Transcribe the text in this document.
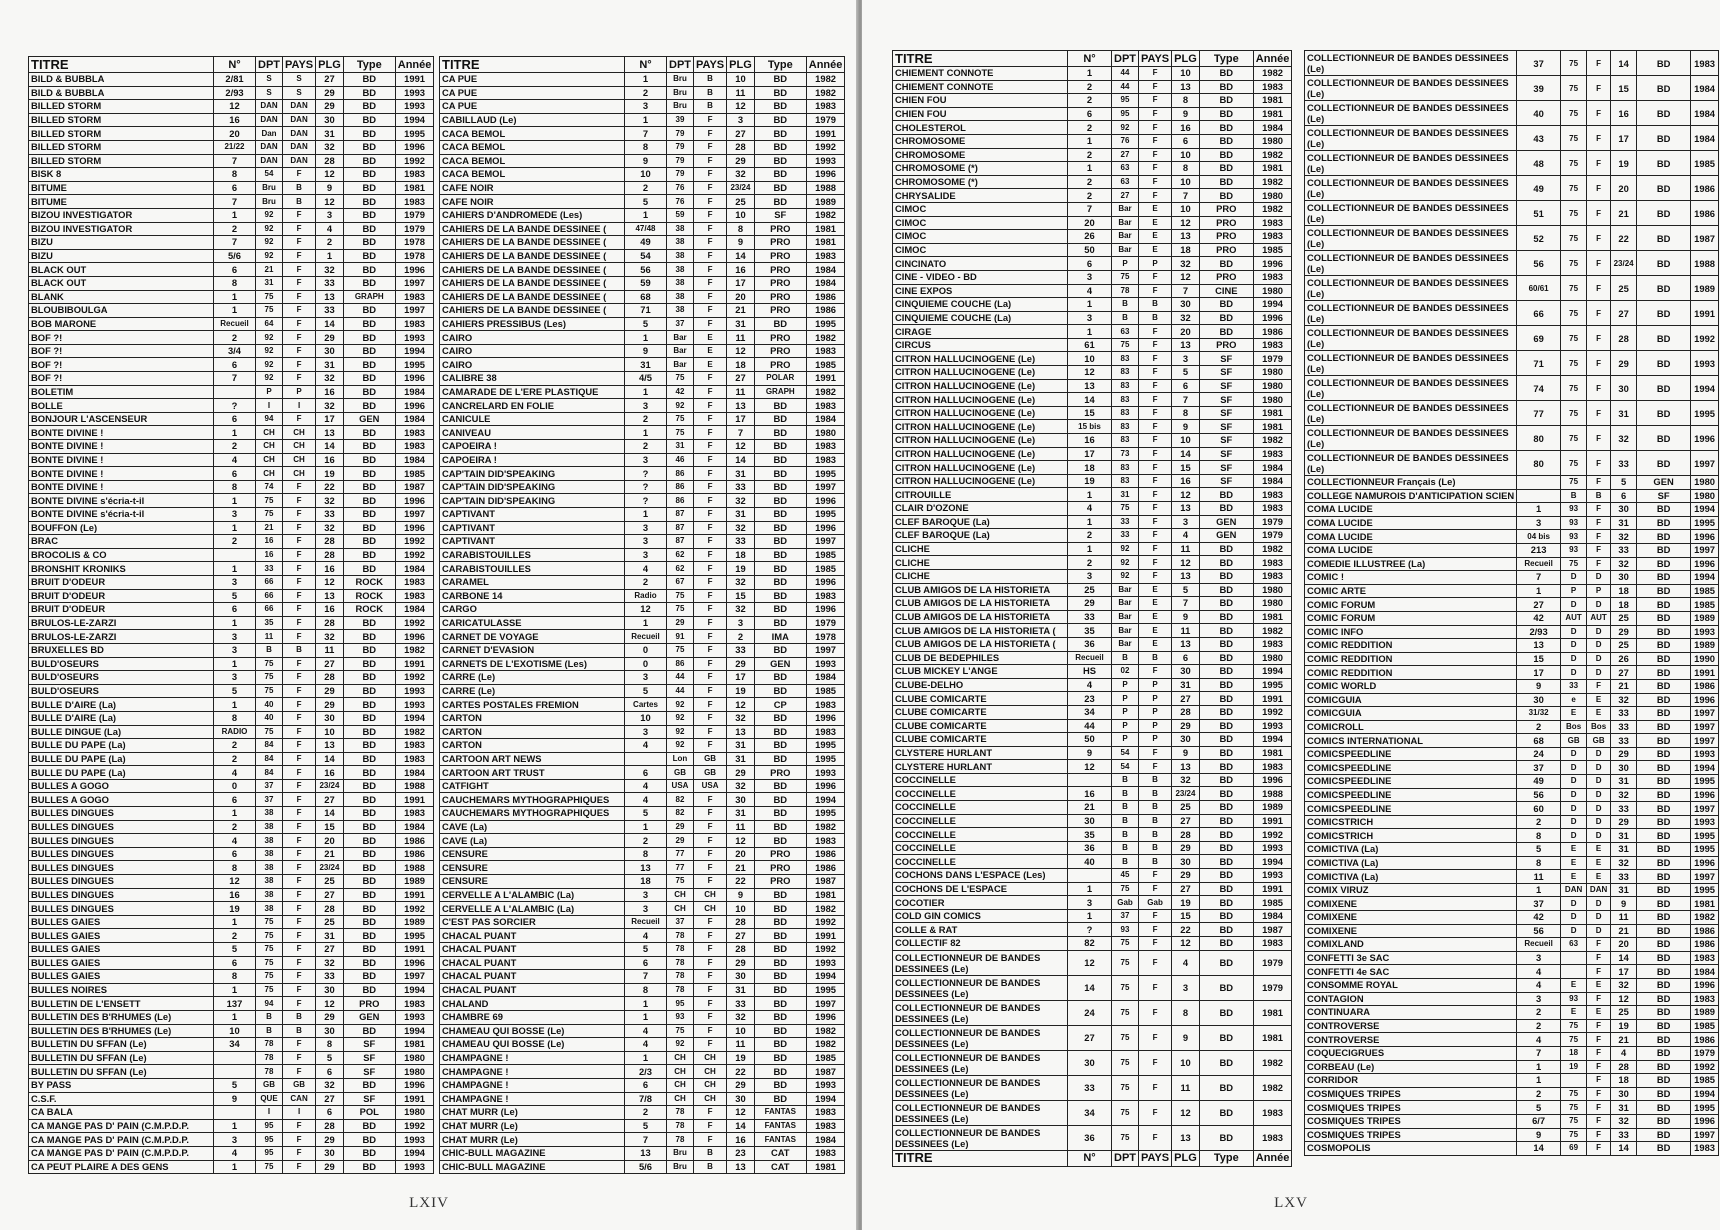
TITRE	N°	DPT	PAYS	PLG	Type	Année
BILD & BUBBLA	2/81	S	S	27	BD	1991
BILD & BUBBLA	2/93	S	S	29	BD	1993
BILLED STORM	12	DAN	DAN	29	BD	1993
BILLED STORM	16	DAN	DAN	30	BD	1994
BILLED STORM	20	Dan	DAN	31	BD	1995
BILLED STORM	21/22	DAN	DAN	32	BD	1996
BILLED STORM	7	DAN	DAN	28	BD	1992
BISK 8	8	54	F	12	BD	1983
BITUME	6	Bru	B	9	BD	1981
BITUME	7	Bru	B	12	BD	1983
BIZOU INVESTIGATOR	1	92	F	3	BD	1979
BIZOU INVESTIGATOR	2	92	F	4	BD	1979
BIZU	7	92	F	2	BD	1978
BIZU	5/6	92	F	1	BD	1978
BLACK OUT	6	21	F	32	BD	1996
BLACK OUT	8	31	F	33	BD	1997
BLANK	1	75	F	13	GRAPH	1983
BLOUBIBOULGA	1	75	F	33	BD	1997
BOB MARONE	Recueil	64	F	14	BD	1983
BOF ?!	2	92	F	29	BD	1993
BOF ?!	3/4	92	F	30	BD	1994
BOF ?!	6	92	F	31	BD	1995
BOF ?!	7	92	F	32	BD	1996
BOLETIM		P	P	16	BD	1984
BOLLE	?	I	I	32	BD	1996
BONJOUR L'ASCENSEUR	6	94	F	17	GEN	1984
BONTE DIVINE !	1	CH	CH	13	BD	1983
BONTE DIVINE !	2	CH	CH	14	BD	1983
BONTE DIVINE !	4	CH	CH	16	BD	1984
BONTE DIVINE !	6	CH	CH	19	BD	1985
BONTE DIVINE !	8	74	F	22	BD	1987
BONTE DIVINE s'écria-t-il	1	75	F	32	BD	1996
BONTE DIVINE s'écria-t-il	3	75	F	33	BD	1997
BOUFFON (Le)	1	21	F	32	BD	1996
BRAC	2	16	F	28	BD	1992
BROCOLIS & CO		16	F	28	BD	1992
BRONSHIT KRONIKS	1	33	F	16	BD	1984
BRUIT D'ODEUR	3	66	F	12	ROCK	1983
BRUIT D'ODEUR	5	66	F	13	ROCK	1983
BRUIT D'ODEUR	6	66	F	16	ROCK	1984
BRULOS-LE-ZARZI	1	35	F	28	BD	1992
BRULOS-LE-ZARZI	3	11	F	32	BD	1996
BRUXELLES BD	3	B	B	11	BD	1982
BULD'OSEURS	1	75	F	27	BD	1991
BULD'OSEURS	3	75	F	28	BD	1992
BULD'OSEURS	5	75	F	29	BD	1993
BULLE D'AIRE (La)	1	40	F	29	BD	1993
BULLE D'AIRE (La)	8	40	F	30	BD	1994
BULLE DINGUE (La)	RADIO	75	F	10	BD	1982
BULLE DU PAPE (La)	2	84	F	13	BD	1983
BULLE DU PAPE (La)	2	84	F	14	BD	1983
BULLE DU PAPE (La)	4	84	F	16	BD	1984
BULLES A GOGO	0	37	F	23/24	BD	1988
BULLES A GOGO	6	37	F	27	BD	1991
BULLES DINGUES	1	38	F	14	BD	1983
BULLES DINGUES	2	38	F	15	BD	1984
BULLES DINGUES	4	38	F	20	BD	1986
BULLES DINGUES	6	38	F	21	BD	1986
BULLES DINGUES	8	38	F	23/24	BD	1988
BULLES DINGUES	12	38	F	25	BD	1989
BULLES DINGUES	16	38	F	27	BD	1991
BULLES DINGUES	19	38	F	28	BD	1992
BULLES GAIES	1	75	F	25	BD	1989
BULLES GAIES	2	75	F	31	BD	1995
BULLES GAIES	5	75	F	27	BD	1991
BULLES GAIES	6	75	F	32	BD	1996
BULLES GAIES	8	75	F	33	BD	1997
BULLES NOIRES	1	75	F	30	BD	1994
BULLETIN DE L'ENSETT	137	94	F	12	PRO	1983
BULLETIN DES B'RHUMES (Le)	1	B	B	29	GEN	1993
BULLETIN DES B'RHUMES (Le)	10	B	B	30	BD	1994
BULLETIN DU SFFAN (Le)	34	78	F	8	SF	1981
BULLETIN DU SFFAN (Le)		78	F	5	SF	1980
BULLETIN DU SFFAN (Le)		78	F	6	SF	1980
BY PASS	5	GB	GB	32	BD	1996
C.S.F.	9	QUE	CAN	27	SF	1991
CA BALA		I	I	6	POL	1980
CA MANGE PAS D' PAIN (C.M.P.D.P.	1	95	F	28	BD	1992
CA MANGE PAS D' PAIN (C.M.P.D.P.	3	95	F	29	BD	1993
CA MANGE PAS D' PAIN (C.M.P.D.P.	4	95	F	30	BD	1994
CA PEUT PLAIRE A DES GENS	1	75	F	29	BD	1993
TITRE	N°	DPT	PAYS	PLG	Type	Année
CA PUE	1	Bru	B	10	BD	1982
CA PUE	2	Bru	B	11	BD	1982
CA PUE	3	Bru	B	12	BD	1983
CABILLAUD (Le)	1	39	F	3	BD	1979
CACA BEMOL	7	79	F	27	BD	1991
CACA BEMOL	8	79	F	28	BD	1992
CACA BEMOL	9	79	F	29	BD	1993
CACA BEMOL	10	79	F	32	BD	1996
CAFE NOIR	2	76	F	23/24	BD	1988
CAFE NOIR	5	76	F	25	BD	1989
CAHIERS D'ANDROMEDE (Les)	1	59	F	10	SF	1982
CAHIERS DE LA BANDE DESSINEE (	47/48	38	F	8	PRO	1981
CAHIERS DE LA BANDE DESSINEE (	49	38	F	9	PRO	1981
CAHIERS DE LA BANDE DESSINEE (	54	38	F	14	PRO	1983
CAHIERS DE LA BANDE DESSINEE (	56	38	F	16	PRO	1984
CAHIERS DE LA BANDE DESSINEE (	59	38	F	17	PRO	1984
CAHIERS DE LA BANDE DESSINEE (	68	38	F	20	PRO	1986
CAHIERS DE LA BANDE DESSINEE (	71	38	F	21	PRO	1986
CAHIERS PRESSIBUS (Les)	5	37	F	31	BD	1995
CAIRO	1	Bar	E	11	PRO	1982
CAIRO	9	Bar	E	12	PRO	1983
CAIRO	31	Bar	E	18	PRO	1985
CALIBRE 38	4/5	75	F	27	POLAR	1991
CAMARADE DE L'ERE PLASTIQUE	1	42	F	11	GRAPH	1982
CANCRELARD EN FOLIE	3	92	F	13	BD	1983
CANICULE	2	75	F	17	BD	1984
CANIVEAU	1	75	F	7	BD	1980
CAPOEIRA !	2	31	F	12	BD	1983
CAPOEIRA !	3	46	F	14	BD	1983
CAP'TAIN DID'SPEAKING	?	86	F	31	BD	1995
CAP'TAIN DID'SPEAKING	?	86	F	33	BD	1997
CAP'TAIN DID'SPEAKING	?	86	F	32	BD	1996
CAPTIVANT	1	87	F	31	BD	1995
CAPTIVANT	3	87	F	32	BD	1996
CAPTIVANT	3	87	F	33	BD	1997
CARABISTOUILLES	3	62	F	18	BD	1985
CARABISTOUILLES	4	62	F	19	BD	1985
CARAMEL	2	67	F	32	BD	1996
CARBONE 14	Radio	75	F	15	BD	1983
CARGO	12	75	F	32	BD	1996
CARICATULASSE	1	29	F	3	BD	1979
CARNET DE VOYAGE	Recueil	91	F	2	IMA	1978
CARNET D'EVASION	0	75	F	33	BD	1997
CARNETS DE L'EXOTISME (Les)	0	86	F	29	GEN	1993
CARRE (Le)	3	44	F	17	BD	1984
CARRE (Le)	5	44	F	19	BD	1985
CARTES POSTALES FREMION	Cartes	92	F	12	CP	1983
CARTON	10	92	F	32	BD	1996
CARTON	3	92	F	13	BD	1983
CARTON	4	92	F	31	BD	1995
CARTOON ART NEWS		Lon	GB	31	BD	1995
CARTOON ART TRUST	6	GB	GB	29	PRO	1993
CATFIGHT	4	USA	USA	32	BD	1996
CAUCHEMARS MYTHOGRAPHIQUES	4	82	F	30	BD	1994
CAUCHEMARS MYTHOGRAPHIQUES	5	82	F	31	BD	1995
CAVE (La)	1	29	F	11	BD	1982
CAVE (La)	2	29	F	12	BD	1983
CENSURE	8	77	F	20	PRO	1986
CENSURE	13	77	F	21	PRO	1986
CENSURE	18	75	F	22	PRO	1987
CERVELLE A L'ALAMBIC (La)	3	CH	CH	9	BD	1981
CERVELLE A L'ALAMBIC (La)	3	CH	CH	10	BD	1982
C'EST PAS SORCIER	Recueil	37	F	28	BD	1992
CHACAL PUANT	4	78	F	27	BD	1991
CHACAL PUANT	5	78	F	28	BD	1992
CHACAL PUANT	6	78	F	29	BD	1993
CHACAL PUANT	7	78	F	30	BD	1994
CHACAL PUANT	8	78	F	31	BD	1995
CHALAND	1	95	F	33	BD	1997
CHAMBRE 69	1	93	F	32	BD	1996
CHAMEAU QUI BOSSE (Le)	4	75	F	10	BD	1982
CHAMEAU QUI BOSSE (Le)	4	92	F	11	BD	1982
CHAMPAGNE !	1	CH	CH	19	BD	1985
CHAMPAGNE !	2/3	CH	CH	22	BD	1987
CHAMPAGNE !	6	CH	CH	29	BD	1993
CHAMPAGNE !	7/8	CH	CH	30	BD	1994
CHAT MURR (Le)	2	78	F	12	FANTAS	1983
CHAT MURR (Le)	5	78	F	14	FANTAS	1983
CHAT MURR (Le)	7	78	F	16	FANTAS	1984
CHIC-BULL MAGAZINE	13	Bru	B	23	CAT	1983
CHIC-BULL MAGAZINE	5/6	Bru	B	13	CAT	1981
LXIV
TITRE	N°	DPT	PAYS	PLG	Type	Année
CHIEMENT CONNOTE	1	44	F	10	BD	1982
CHIEMENT CONNOTE	2	44	F	13	BD	1983
CHIEN FOU	2	95	F	8	BD	1981
CHIEN FOU	6	95	F	9	BD	1981
CHOLESTEROL	2	92	F	16	BD	1984
CHROMOSOME	1	76	F	6	BD	1980
CHROMOSOME	2	27	F	10	BD	1982
CHROMOSOME (*)	1	63	F	8	BD	1981
CHROMOSOME (*)	2	63	F	10	BD	1982
CHRYSALIDE	2	27	F	7	BD	1980
CIMOC	7	Bar	E	10	PRO	1982
CIMOC	20	Bar	E	12	PRO	1983
CIMOC	26	Bar	E	13	PRO	1983
CIMOC	50	Bar	E	18	PRO	1985
CINCINATO	6	P	P	32	BD	1996
CINE - VIDEO - BD	3	75	F	12	PRO	1983
CINE EXPOS	4	78	F	7	CINE	1980
CINQUIEME COUCHE (La)	1	B	B	30	BD	1994
CINQUIEME COUCHE (La)	3	B	B	32	BD	1996
CIRAGE	1	63	F	20	BD	1986
CIRCUS	61	75	F	13	PRO	1983
CITRON HALLUCINOGENE (Le)	10	83	F	3	SF	1979
CITRON HALLUCINOGENE (Le)	12	83	F	5	SF	1980
CITRON HALLUCINOGENE (Le)	13	83	F	6	SF	1980
CITRON HALLUCINOGENE (Le)	14	83	F	7	SF	1980
CITRON HALLUCINOGENE (Le)	15	83	F	8	SF	1981
CITRON HALLUCINOGENE (Le)	15 bis	83	F	9	SF	1981
CITRON HALLUCINOGENE (Le)	16	83	F	10	SF	1982
CITRON HALLUCINOGENE (Le)	17	73	F	14	SF	1983
CITRON HALLUCINOGENE (Le)	18	83	F	15	SF	1984
CITRON HALLUCINOGENE (Le)	19	83	F	16	SF	1984
CITROUILLE	1	31	F	12	BD	1983
CLAIR D'OZONE	4	75	F	13	BD	1983
CLEF BAROQUE (La)	1	33	F	3	GEN	1979
CLEF BAROQUE (La)	2	33	F	4	GEN	1979
CLICHE	1	92	F	11	BD	1982
CLICHE	2	92	F	12	BD	1983
CLICHE	3	92	F	13	BD	1983
CLUB AMIGOS DE LA HISTORIETA	25	Bar	E	5	BD	1980
CLUB AMIGOS DE LA HISTORIETA	29	Bar	E	7	BD	1980
CLUB AMIGOS DE LA HISTORIETA	33	Bar	E	9	BD	1981
CLUB AMIGOS DE LA HISTORIETA (	35	Bar	E	11	BD	1982
CLUB AMIGOS DE LA HISTORIETA (	36	Bar	E	13	BD	1983
CLUB DE BEDEPHILES	Recueil	B	B	6	BD	1980
CLUB MICKEY L'ANGE	HS	02	F	30	BD	1994
CLUBE-DELHO	4	P	P	31	BD	1995
CLUBE COMICARTE	23	P	P	27	BD	1991
CLUBE COMICARTE	34	P	P	28	BD	1992
CLUBE COMICARTE	44	P	P	29	BD	1993
CLUBE COMICARTE	50	P	P	30	BD	1994
CLYSTERE HURLANT	9	54	F	9	BD	1981
CLYSTERE HURLANT	12	54	F	13	BD	1983
COCCINELLE		B	B	32	BD	1996
COCCINELLE	16	B	B	23/24	BD	1988
COCCINELLE	21	B	B	25	BD	1989
COCCINELLE	30	B	B	27	BD	1991
COCCINELLE	35	B	B	28	BD	1992
COCCINELLE	36	B	B	29	BD	1993
COCCINELLE	40	B	B	30	BD	1994
COCHONS DANS L'ESPACE (Les)		45	F	29	BD	1993
COCHONS DE L'ESPACE	1	75	F	27	BD	1991
COCOTIER	3	Gab	Gab	19	BD	1985
COLD GIN COMICS	1	37	F	15	BD	1984
COLLE & RAT	?	93	F	22	BD	1987
COLLECTIF 82	82	75	F	12	BD	1983
COLLECTIONNEUR DE BANDES DESSINEES (Le)	12	75	F	4	BD	1979
COLLECTIONNEUR DE BANDES DESSINEES (Le)	14	75	F	3	BD	1979
COLLECTIONNEUR DE BANDES DESSINEES (Le)	24	75	F	8	BD	1981
COLLECTIONNEUR DE BANDES DESSINEES (Le)	27	75	F	9	BD	1981
COLLECTIONNEUR DE BANDES DESSINEES (Le)	30	75	F	10	BD	1982
COLLECTIONNEUR DE BANDES DESSINEES (Le)	33	75	F	11	BD	1982
COLLECTIONNEUR DE BANDES DESSINEES (Le)	34	75	F	12	BD	1983
COLLECTIONNEUR DE BANDES DESSINEES (Le)	36	75	F	13	BD	1983
TITRE	N°	DPT	PAYS	PLG	Type	Année
COLLECTIONNEUR DE BANDES DESSINEES (Le)	37	75	F	14	BD	1983
COLLECTIONNEUR DE BANDES DESSINEES (Le)	39	75	F	15	BD	1984
COLLECTIONNEUR DE BANDES DESSINEES (Le)	40	75	F	16	BD	1984
COLLECTIONNEUR DE BANDES DESSINEES (Le)	43	75	F	17	BD	1984
COLLECTIONNEUR DE BANDES DESSINEES (Le)	48	75	F	19	BD	1985
COLLECTIONNEUR DE BANDES DESSINEES (Le)	49	75	F	20	BD	1986
COLLECTIONNEUR DE BANDES DESSINEES (Le)	51	75	F	21	BD	1986
COLLECTIONNEUR DE BANDES DESSINEES (Le)	52	75	F	22	BD	1987
COLLECTIONNEUR DE BANDES DESSINEES (Le)	56	75	F	23/24	BD	1988
COLLECTIONNEUR DE BANDES DESSINEES (Le)	60/61	75	F	25	BD	1989
COLLECTIONNEUR DE BANDES DESSINEES (Le)	66	75	F	27	BD	1991
COLLECTIONNEUR DE BANDES DESSINEES (Le)	69	75	F	28	BD	1992
COLLECTIONNEUR DE BANDES DESSINEES (Le)	71	75	F	29	BD	1993
COLLECTIONNEUR DE BANDES DESSINEES (Le)	74	75	F	30	BD	1994
COLLECTIONNEUR DE BANDES DESSINEES (Le)	77	75	F	31	BD	1995
COLLECTIONNEUR DE BANDES DESSINEES (Le)	80	75	F	32	BD	1996
COLLECTIONNEUR DE BANDES DESSINEES (Le)	80	75	F	33	BD	1997
COLLECTIONNEUR Français (Le)		75	F	5	GEN	1980
COLLEGE NAMUROIS D'ANTICIPATION SCIEN		B	B	6	SF	1980
COMA LUCIDE	1	93	F	30	BD	1994
COMA LUCIDE	3	93	F	31	BD	1995
COMA LUCIDE	04 bis	93	F	32	BD	1996
COMA LUCIDE	213	93	F	33	BD	1997
COMEDIE ILLUSTREE (La)	Recueil	75	F	32	BD	1996
COMIC !	7	D	D	30	BD	1994
COMIC ARTE	1	P	P	18	BD	1985
COMIC FORUM	27	D	D	18	BD	1985
COMIC FORUM	42	AUT	AUT	25	BD	1989
COMIC INFO	2/93	D	D	29	BD	1993
COMIC REDDITION	13	D	D	25	BD	1989
COMIC REDDITION	15	D	D	26	BD	1990
COMIC REDDITION	17	D	D	27	BD	1991
COMIC WORLD	9	33	F	21	BD	1986
COMICGUIA	30	e	E	32	BD	1996
COMICGUIA	31/32	E	E	33	BD	1997
COMICROLL	2	Bos	Bos	33	BD	1997
COMICS INTERNATIONAL	68	GB	GB	33	BD	1997
COMICSPEEDLINE	24	D	D	29	BD	1993
COMICSPEEDLINE	37	D	D	30	BD	1994
COMICSPEEDLINE	49	D	D	31	BD	1995
COMICSPEEDLINE	56	D	D	32	BD	1996
COMICSPEEDLINE	60	D	D	33	BD	1997
COMICSTRICH	2	D	D	29	BD	1993
COMICSTRICH	8	D	D	31	BD	1995
COMICTIVA (La)	5	E	E	31	BD	1995
COMICTIVA (La)	8	E	E	32	BD	1996
COMICTIVA (La)	11	E	E	33	BD	1997
COMIX VIRUZ	1	DAN	DAN	31	BD	1995
COMIXENE	37	D	D	9	BD	1981
COMIXENE	42	D	D	11	BD	1982
COMIXENE	56	D	D	21	BD	1986
COMIXLAND	Recueil	63	F	20	BD	1986
CONFETTI 3e SAC	3		F	14	BD	1983
CONFETTI 4e SAC	4		F	17	BD	1984
CONSOMME ROYAL	4	E	E	32	BD	1996
CONTAGION	3	93	F	12	BD	1983
CONTINUARA	2	E	E	25	BD	1989
CONTROVERSE	2	75	F	19	BD	1985
CONTROVERSE	4	75	F	21	BD	1986
COQUECIGRUES	7	18	F	4	BD	1979
CORBEAU (Le)	1	19	F	28	BD	1992
CORRIDOR	1		F	18	BD	1985
COSMIQUES TRIPES	2	75	F	30	BD	1994
COSMIQUES TRIPES	5	75	F	31	BD	1995
COSMIQUES TRIPES	6/7	75	F	32	BD	1996
COSMIQUES TRIPES	9	75	F	33	BD	1997
COSMOPOLIS	14	69	F	14	BD	1983
LXV
